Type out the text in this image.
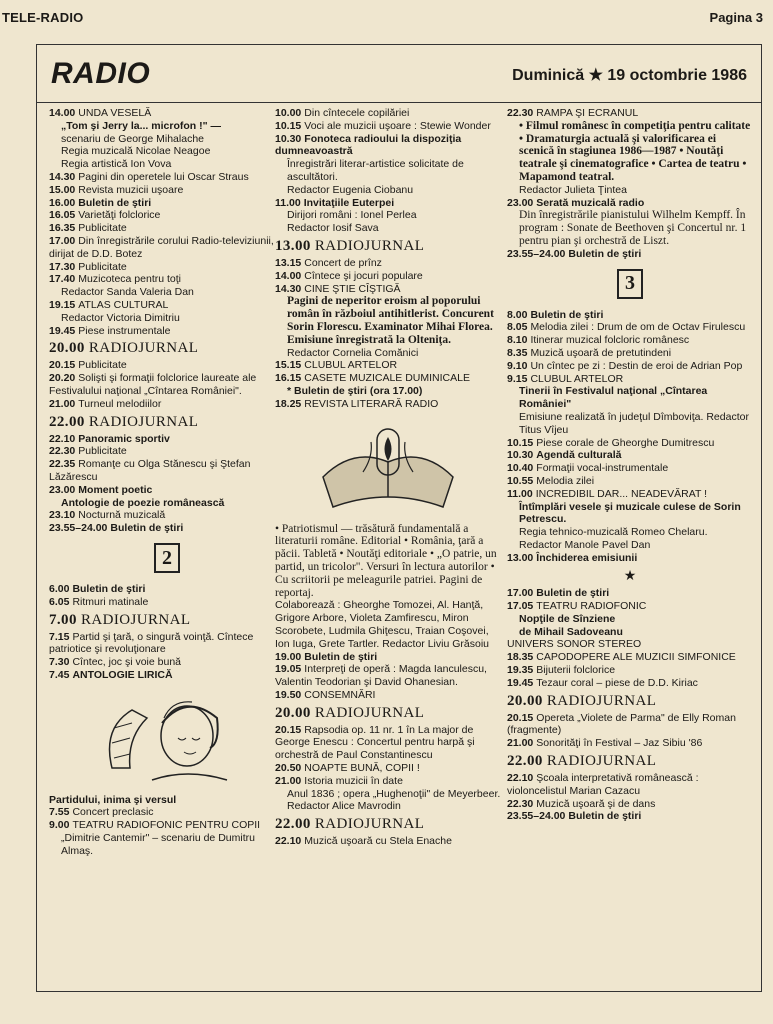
TELE-RADIO	Pagina 3
RADIO	Duminică ★ 19 octombrie 1986
14.00 UNDA VESELĂ
„Tom şi Jerry la... microfon !" —
scenariu de George Mihalache
Regia muzicală Nicolae Neagoe
Regia artistică Ion Vova
14.30 Pagini din operetele lui Oscar Straus
15.00 Revista muzicii uşoare
16.00 Buletin de ştiri
16.05 Varietăţi folclorice
16.35 Publicitate
17.00 Din înregistrările corului Radio-televiziunii, dirijat de D.D. Botez
17.30 Publicitate
17.40 Muzicoteca pentru toţi
Redactor Sanda Valeria Dan
19.15 ATLAS CULTURAL
Redactor Victoria Dimitriu
19.45 Piese instrumentale
20.00 RADIOJURNAL
20.15 Publicitate
20.20 Solişti şi formaţii folclorice laureate ale Festivalului naţional „Cîntarea României".
21.00 Turneul melodiilor
22.00 RADIOJURNAL
22.10 Panoramic sportiv
22.30 Publicitate
22.35 Romanţe cu Olga Stănescu şi Ştefan Lăzărescu
23.00 Moment poetic
Antologie de poezie românească
23.10 Nocturnă muzicală
23.55–24.00 Buletin de ştiri
2
6.00 Buletin de ştiri
6.05 Ritmuri matinale
7.00 RADIOJURNAL
7.15 Partid şi ţară, o singură voinţă. Cîntece patriotice şi revoluţionare
7.30 Cîntec, joc şi voie bună
7.45 ANTOLOGIE LIRICĂ
Partidului, inima şi versul
7.55 Concert preclasic
9.00 TEATRU RADIOFONIC PENTRU COPII
„Dimitrie Cantemir" – scenariu de Dumitru Almaş.
10.00 Din cîntecele copilăriei
10.15 Voci ale muzicii uşoare : Stewie Wonder
10.30 Fonoteca radioului la dispoziţia dumneavoastră
Înregistrări literar-artistice solicitate de ascultători.
Redactor Eugenia Ciobanu
11.00 Invitaţiile Euterpei
Dirijori români : Ionel Perlea
Redactor Iosif Sava
13.00 RADIOJURNAL
13.15 Concert de prînz
14.00 Cîntece şi jocuri populare
14.30 CINE ŞTIE CÎŞTIGĂ
Pagini de neperitor eroism al poporului român în războiul antihitlerist. Concurent Sorin Florescu. Examinator Mihai Florea. Emisiune înregistrată la Olteniţa.
Redactor Cornelia Comănici
15.15 CLUBUL ARTELOR
16.15 CASETE MUZICALE DUMINICALE
* Buletin de ştiri (ora 17.00)
18.25 REVISTA LITERARĂ RADIO
• Patriotismul — trăsătură fundamentală a literaturii române. Editorial • România, ţară a păcii. Tabletă • Noutăţi editoriale • „O patrie, un partid, un tricolor". Versuri în lectura autorilor • Cu scriitorii pe meleagurile patriei. Pagini de reportaj.
Colaborează : Gheorghe Tomozei, Al. Hanţă, Grigore Arbore, Violeta Zamfirescu, Miron Scorobete, Ludmila Ghiţescu, Traian Coşovei, Ion Iuga, Grete Tartler. Redactor Liviu Grăsoiu
19.00 Buletin de ştiri
19.05 Interpreţi de operă : Magda Ianculescu, Valentin Teodorian şi David Ohanesian.
19.50 CONSEMNĂRI
20.00 RADIOJURNAL
20.15 Rapsodia op. 11 nr. 1 în La major de George Enescu : Concertul pentru harpă şi orchestră de Paul Constantinescu
20.50 NOAPTE BUNĂ, COPII !
21.00 Istoria muzicii în date
Anul 1836 ; opera „Hughenoţii" de Meyerbeer. Redactor Alice Mavrodin
22.00 RADIOJURNAL
22.10 Muzică uşoară cu Stela Enache
22.30 RAMPA ŞI ECRANUL
• Filmul românesc în competiţia pentru calitate • Dramaturgia actuală şi valorificarea ei scenică în stagiunea 1986—1987 • Noutăţi teatrale şi cinematografice • Cartea de teatru • Mapamond teatral.
Redactor Julieta Ţintea
23.00 Serată muzicală radio
Din înregistrările pianistului Wilhelm Kempff. În program : Sonate de Beethoven şi Concertul nr. 1 pentru pian şi orchestră de Liszt.
23.55–24.00 Buletin de ştiri
3
8.00 Buletin de ştiri
8.05 Melodia zilei : Drum de om de Octav Firulescu
8.10 Itinerar muzical folcloric românesc
8.35 Muzică uşoară de pretutindeni
9.10 Un cîntec pe zi : Destin de eroi de Adrian Pop
9.15 CLUBUL ARTELOR
Tinerii în Festivalul naţional „Cîntarea României"
Emisiune realizată în judeţul Dîmboviţa. Redactor Titus Vîjeu
10.15 Piese corale de Gheorghe Dumitrescu
10.30 Agendă culturală
10.40 Formaţii vocal-instrumentale
10.55 Melodia zilei
11.00 INCREDIBIL DAR... NEADEVĂRAT !
Întîmplări vesele şi muzicale culese de Sorin Petrescu.
Regia tehnico-muzicală Romeo Chelaru.
Redactor Manole Pavel Dan
13.00 Închiderea emisiunii
★
17.00 Buletin de ştiri
17.05 TEATRU RADIOFONIC
Nopţile de Sînziene
de Mihail Sadoveanu
UNIVERS SONOR STEREO
18.35 CAPODOPERE ALE MUZICII SIMFONICE
19.35 Bijuterii folclorice
19.45 Tezaur coral – piese de D.D. Kiriac
20.00 RADIOJURNAL
20.15 Opereta „Violete de Parma" de Elly Roman (fragmente)
21.00 Sonorităţi în Festival – Jaz Sibiu '86
22.00 RADIOJURNAL
22.10 Şcoala interpretativă românească : violoncelistul Marian Cazacu
22.30 Muzică uşoară şi de dans
23.55–24.00 Buletin de ştiri
